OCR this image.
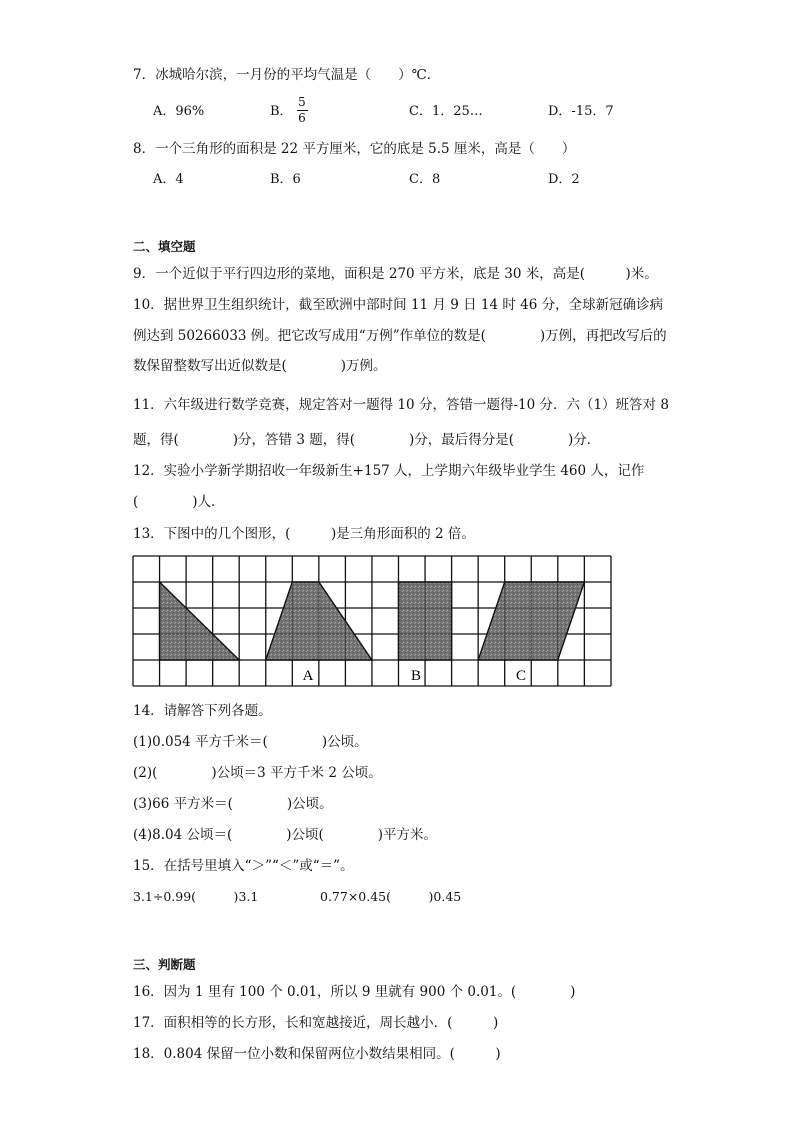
7．冰城哈尔滨，一月份的平均气温是（　　）℃．
A．96%	B．
5
6	C．1．25…	D．-15．7
8．一个三角形的面积是 22 平方厘米，它的底是 5.5 厘米，高是（　　）
A．4	B．6	C．8	D．2
二、填空题
9．一个近似于平行四边形的菜地，面积是 270 平方米，底是 30 米，高是(　　　)米。
10．据世界卫生组织统计，截至欧洲中部时间 11 月 9 日 14 时 46 分，全球新冠确诊病
例达到 50266033 例。把它改写成用“万例”作单位的数是(　　　　)万例，再把改写后的
数保留整数写出近似数是(　　　　)万例。
11．六年级进行数学竞赛，规定答对一题得 10 分，答错一题得-10 分．六（1）班答对 8
题，得(　　　　)分，答错 3 题，得(　　　　)分，最后得分是(　　　　)分．
12．实验小学新学期招收一年级新生+157 人，上学期六年级毕业学生 460 人，记作
(　　　　)人．
13．下图中的几个图形，(　　　)是三角形面积的 2 倍。
A	B	C
14．请解答下列各题。
(1)0.054 平方千米＝(　　　　)公顷。
(2)(　　　　)公顷＝3 平方千米 2 公顷。
(3)66 平方米＝(　　　　)公顷。
(4)8.04 公顷＝(　　　　)公顷(　　　　)平方米。
15．在括号里填入“＞”“＜”或“＝”。
3.1÷0.99(　　　)3.1	0.77×0.45(　　　)0.45
三、判断题
16．因为 1 里有 100 个 0.01，所以 9 里就有 900 个 0.01。(　　　　)
17．面积相等的长方形，长和宽越接近，周长越小．(　　　)
18．0.804 保留一位小数和保留两位小数结果相同。(　　　)
